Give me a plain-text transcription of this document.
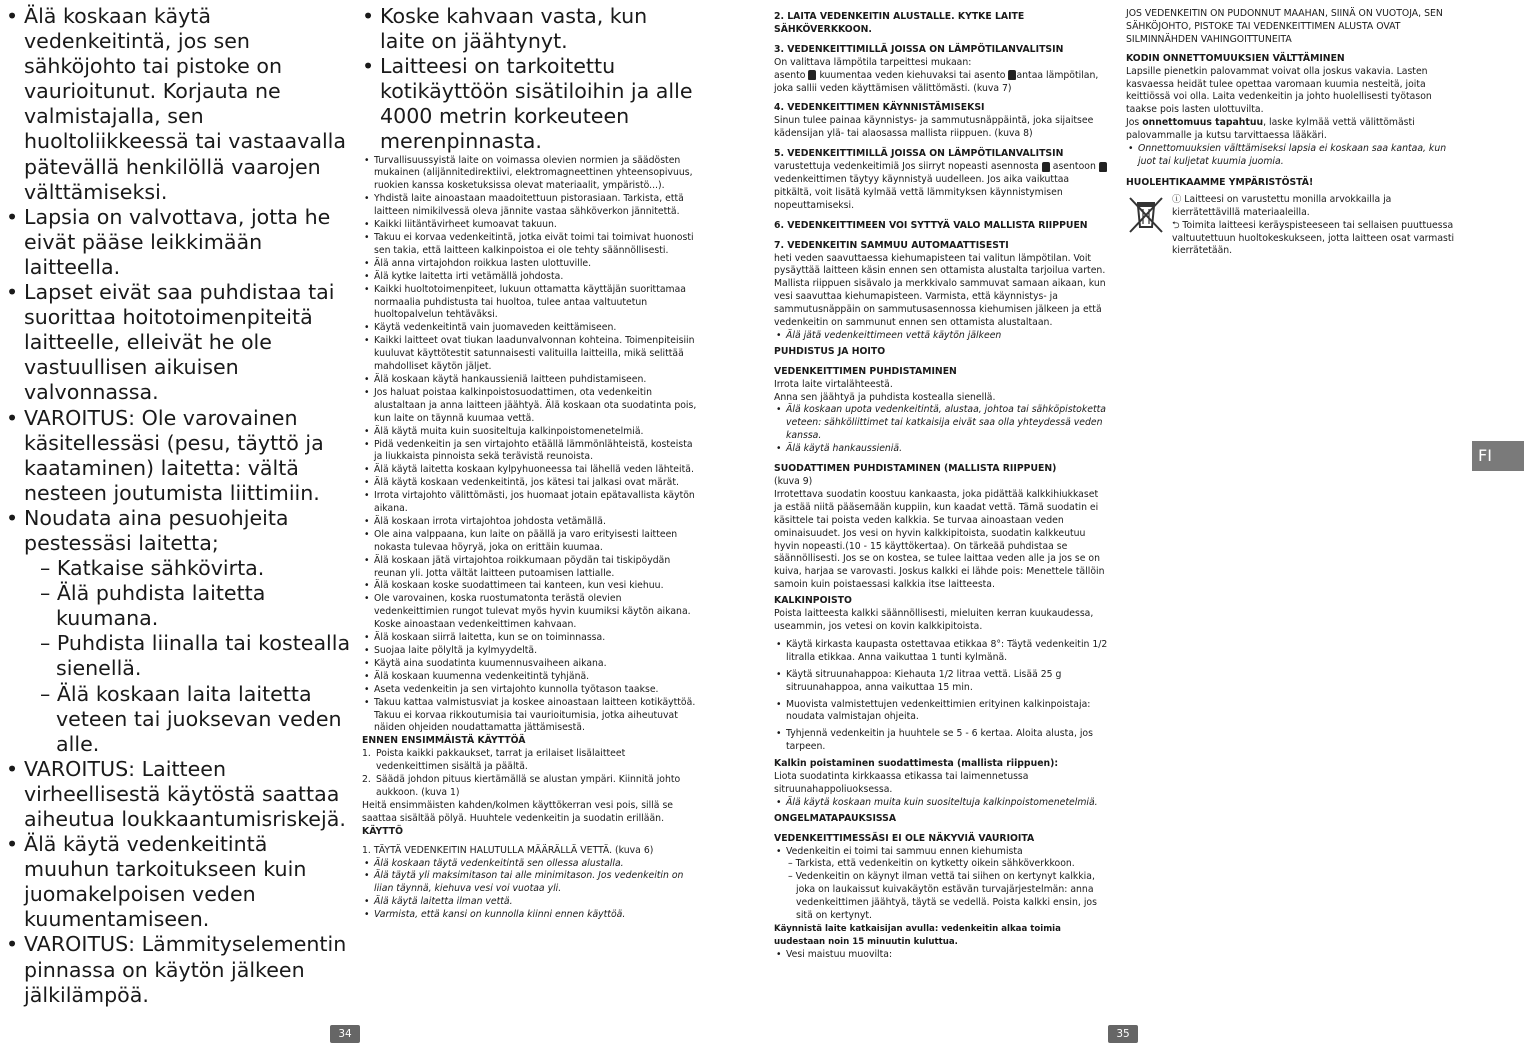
• Älä koskaan käytä vedenkeitintä, jos sen sähköjohto tai pistoke on vaurioitunut. Korjauta ne valmistajalla, sen huoltoliikkeessä tai vastaavalla pätevällä henkilöllä vaarojen välttämiseksi.
• Lapsia on valvottava, jotta he eivät pääse leikkimään laitteella.
• Lapset eivät saa puhdistaa tai suorittaa hoitotoimenpiteitä laitteelle, elleivät he ole vastuullisen aikuisen valvonnassa.
• VAROITUS: Ole varovainen käsitellessäsi (pesu, täyttö ja kaataminen) laitetta: vältä nesteen joutumista liittimiin.
• Noudata aina pesuohjeita pestessäsi laitetta;
– Katkaise sähkövirta.
– Älä puhdista laitetta kuumana.
– Puhdista liinalla tai kostealla sienellä.
– Älä koskaan laita laitetta veteen tai juoksevan veden alle.
• VAROITUS: Laitteen virheellisestä käytöstä saattaa aiheutua loukkaantumisriskejä.
• Älä käytä vedenkeitintä muuhun tarkoitukseen kuin juomakelpoisen veden kuumentamiseen.
• VAROITUS: Lämmityselementin pinnassa on käytön jälkeen jälkilämpöä.
• Koske kahvaan vasta, kun laite on jäähtynyt.
• Laitteesi on tarkoitettu kotikäyttöön sisätiloihin ja alle 4000 metrin korkeuteen merenpinnasta.
• Turvallisuussyistä laite on voimassa olevien normien ja säädösten mukainen (alijännitedirektiivi, elektromagneettinen yhteensopivuus, ruokien kanssa kosketuksissa olevat materiaalit, ympäristö...).
• Yhdistä laite ainoastaan maadoitettuun pistorasiaan. Tarkista, että laitteen nimikilvessä oleva jännite vastaa sähköverkon jännitettä.
• Kaikki liitäntävirheet kumoavat takuun.
• Takuu ei korvaa vedenkeitintä, jotka eivät toimi tai toimivat huonosti sen takia, että laitteen kalkinpoistoa ei ole tehty säännöllisesti.
• Älä anna virtajohdon roikkua lasten ulottuville.
• Älä kytke laitetta irti vetämällä johdosta.
• Kaikki huoltotoimenpiteet, lukuun ottamatta käyttäjän suorittamaa normaalia puhdistusta tai huoltoa, tulee antaa valtuutetun huoltopalvelun tehtäväksi.
• Käytä vedenkeitintä vain juomaveden keittämiseen.
• Kaikki laitteet ovat tiukan laadunvalvonnan kohteina. Toimenpiteisiin kuuluvat käyttötestit satunnaisesti valituilla laitteilla, mikä selittää mahdolliset käytön jäljet.
• Älä koskaan käytä hankaussieniä laitteen puhdistamiseen.
• Jos haluat poistaa kalkinpoistosuodattimen, ota vedenkeitin alustaltaan ja anna laitteen jäähtyä. Älä koskaan ota suodatinta pois, kun laite on täynnä kuumaa vettä.
• Älä käytä muita kuin suositeltuja kalkinpoistomenetelmiä.
• Pidä vedenkeitin ja sen virtajohto etäällä lämmönlähteistä, kosteista ja liukkaista pinnoista sekä terävistä reunoista.
• Älä käytä laitetta koskaan kylpyhuoneessa tai lähellä veden lähteitä.
• Älä käytä koskaan vedenkeitintä, jos kätesi tai jalkasi ovat märät.
• Irrota virtajohto välittömästi, jos huomaat jotain epätavallista käytön aikana.
• Älä koskaan irrota virtajohtoa johdosta vetämällä.
• Ole aina valppaana, kun laite on päällä ja varo erityisesti laitteen nokasta tulevaa höyryä, joka on erittäin kuumaa.
• Älä koskaan jätä virtajohtoa roikkumaan pöydän tai tiskipöydän reunan yli. Jotta vältät laitteen putoamisen lattialle.
• Älä koskaan koske suodattimeen tai kanteen, kun vesi kiehuu.
• Ole varovainen, koska ruostumatonta terästä olevien vedenkeittimien rungot tulevat myös hyvin kuumiksi käytön aikana. Koske ainoastaan vedenkeittimen kahvaan.
• Älä koskaan siirrä laitetta, kun se on toiminnassa.
• Suojaa laite pölyltä ja kylmyydeltä.
• Käytä aina suodatinta kuumennusvaiheen aikana.
• Älä koskaan kuumenna vedenkeitintä tyhjänä.
• Aseta vedenkeitin ja sen virtajohto kunnolla työtason taakse.
• Takuu kattaa valmistusviat ja koskee ainoastaan laitteen kotikäyttöä. Takuu ei korvaa rikkoutumisia tai vaurioitumisia, jotka aiheutuvat näiden ohjeiden noudattamatta jättämisestä.
ENNEN ENSIMMÄISTÄ KÄYTTÖÄ
1. Poista kaikki pakkaukset, tarrat ja erilaiset lisälaitteet vedenkeittimen sisältä ja päältä.
2. Säädä johdon pituus kiertämällä se alustan ympäri. Kiinnitä johto aukkoon. (kuva 1)

Heitä ensimmäisten kahden/kolmen käyttökerran vesi pois, sillä se saattaa sisältää pölyä. Huuhtele vedenkeitin ja suodatin erillään.

KÄYTTÖ

1. TÄYTÄ VEDENKEITIN HALUTULLA MÄÄRÄLLÄ VETTÄ. (kuva 6)

• Älä koskaan täytä vedenkeitintä sen ollessa alustalla.
• Älä täytä yli maksimitason tai alle minimitason. Jos vedenkeitin on liian täynnä, kiehuva vesi voi vuotaa yli.
• Älä käytä laitetta ilman vettä.
• Varmista, että kansi on kunnolla kiinni ennen käyttöä.
2. LAITA VEDENKEITIN ALUSTALLE. KYTKE LAITE SÄHKÖVERKKOON.
3. VEDENKEITTIMILLÄ JOISSA ON LÄMPÖTILANVALITSIN

On valittava lämpötila tarpeittesi mukaan:

asento kuumentaa veden kiehuvaksi tai asento antaa lämpötilan, joka sallii veden käyttämisen välittömästi. (kuva 7)

4. VEDENKEITTIMEN KÄYNNISTÄMISEKSI

Sinun tulee painaa käynnistys- ja sammutusnäppäintä, joka sijaitsee kädensijan ylä- tai alaosassa mallista riippuen. (kuva 8)

5. VEDENKEITTIMILLÄ JOISSA ON LÄMPÖTILANVALITSIN

varustettuja vedenkeitimiä Jos siirryt nopeasti asennosta asentoon  vedenkeittimen täytyy käynnistyä uudelleen. Jos aika vaikuttaa pitkältä, voit lisätä kylmää vettä lämmityksen käynnistymisen nopeuttamiseksi.

6. VEDENKEITTIMEEN VOI SYTTYÄ VALO MALLISTA RIIPPUEN
7. VEDENKEITIN SAMMUU AUTOMAATTISESTI

heti veden saavuttaessa kiehumapisteen tai valitun lämpötilan. Voit pysäyttää laitteen käsin ennen sen ottamista alustalta tarjoilua varten. Mallista riippuen sisävalo ja merkkivalo sammuvat samaan aikaan, kun vesi saavuttaa kiehumapisteen. Varmista, että käynnistys- ja sammutusnäppäin on sammutusasennossa kiehumisen jälkeen ja että vedenkeitin on sammunut ennen sen ottamista alustaltaan.

• Älä jätä vedenkeittimeen vettä käytön jälkeen
PUHDISTUS JA HOITO
VEDENKEITTIMEN PUHDISTAMINEN

Irrota laite virtalähteestä.

Anna sen jäähtyä ja puhdista kostealla sienellä.

• Älä koskaan upota vedenkeitintä, alustaa, johtoa tai sähköpistoketta veteen: sähköliittimet tai katkaisija eivät saa olla yhteydessä veden kanssa.
• Älä käytä hankaussieniä.
SUODATTIMEN PUHDISTAMINEN (MALLISTA RIIPPUEN)

(kuva 9)

Irrotettava suodatin koostuu kankaasta, joka pidättää kalkkihiukkaset ja estää niitä pääsemään kuppiin, kun kaadat vettä. Tämä suodatin ei käsittele tai poista veden kalkkia. Se turvaa ainoastaan veden ominaisuudet. Jos vesi on hyvin kalkkipitoista, suodatin kalkkeutuu hyvin nopeasti.(10 - 15 käyttökertaa). On tärkeää puhdistaa se säännöllisesti. Jos se on kostea, se tulee laittaa veden alle ja jos se on kuiva, harjaa se varovasti. Joskus kalkki ei lähde pois: Menettele tällöin samoin kuin poistaessasi kalkkia itse laitteesta.

KALKINPOISTO

Poista laitteesta kalkki säännöllisesti, mieluiten kerran kuukaudessa, useammin, jos vetesi on kovin kalkkipitoista.

• Käytä kirkasta kaupasta ostettavaa etikkaa 8°: Täytä vedenkeitin 1/2 litralla etikkaa. Anna vaikuttaa 1 tunti kylmänä.
• Käytä sitruunahappoa: Kiehauta 1/2 litraa vettä. Lisää 25 g sitruunahappoa, anna vaikuttaa 15 min.
• Muovista valmistettujen vedenkeittimien erityinen kalkinpoistaja: noudata valmistajan ohjeita.
• Tyhjennä vedenkeitin ja huuhtele se 5 - 6 kertaa. Aloita alusta, jos tarpeen.
Kalkin poistaminen suodattimesta (mallista riippuen):

Liota suodatinta kirkkaassa etikassa tai laimennetussa sitruunahappoliuoksessa.

• Älä käytä koskaan muita kuin suositeltuja kalkinpoistomenetelmiä.
ONGELMATAPAUKSISSA
VEDENKEITTIMESSÄSI EI OLE NÄKYVIÄ VAURIOITA
• Vedenkeitin ei toimi tai sammuu ennen kiehumista

– Tarkista, että vedenkeitin on kytketty oikein sähköverkkoon.

– Vedenkeitin on käynyt ilman vettä tai siihen on kertynyt kalkkia, joka on laukaissut kuivakäytön estävän turvajärjestelmän: anna vedenkeittimen jäähtyä, täytä se vedellä. Poista kalkki ensin, jos sitä on kertynyt.

Käynnistä laite katkaisijan avulla: vedenkeitin alkaa toimia uudestaan noin 15 minuutin kuluttua.

• Vesi maistuu muovilta:

JOS VEDENKEITIN ON PUDONNUT MAAHAN, SIINÄ ON VUOTOJA, SEN SÄHKÖJOHTO, PISTOKE TAI VEDENKEITTIMEN ALUSTA OVAT SILMINNÄHDEN VAHINGOITTUNEITA

KODIN ONNETTOMUUKSIEN VÄLTTÄMINEN

Lapsille pienetkin palovammat voivat olla joskus vakavia. Lasten kasvaessa heidät tulee opettaa varomaan kuumia nesteitä, joita keittiössä voi olla. Laita vedenkeitin ja johto huolellisesti työtason taakse pois lasten ulottuvilta.

Jos onnettomuus tapahtuu, laske kylmää vettä välittömästi palovammalle ja kutsu tarvittaessa lääkäri.

• Onnettomuuksien välttämiseksi lapsia ei koskaan saa kantaa, kun juot tai kuljetat kuumia juomia.
HUOLEHTIKAAMME YMPÄRISTÖSTÄ!

ⓘ Laitteesi on varustettu monilla arvokkailla ja kierrätettävillä materiaaleilla.

⮌ Toimita laitteesi keräyspisteeseen tai sellaisen puuttuessa valtuutettuun huoltokeskukseen, jotta laitteen osat varmasti kierrätetään.

34	35
FI
